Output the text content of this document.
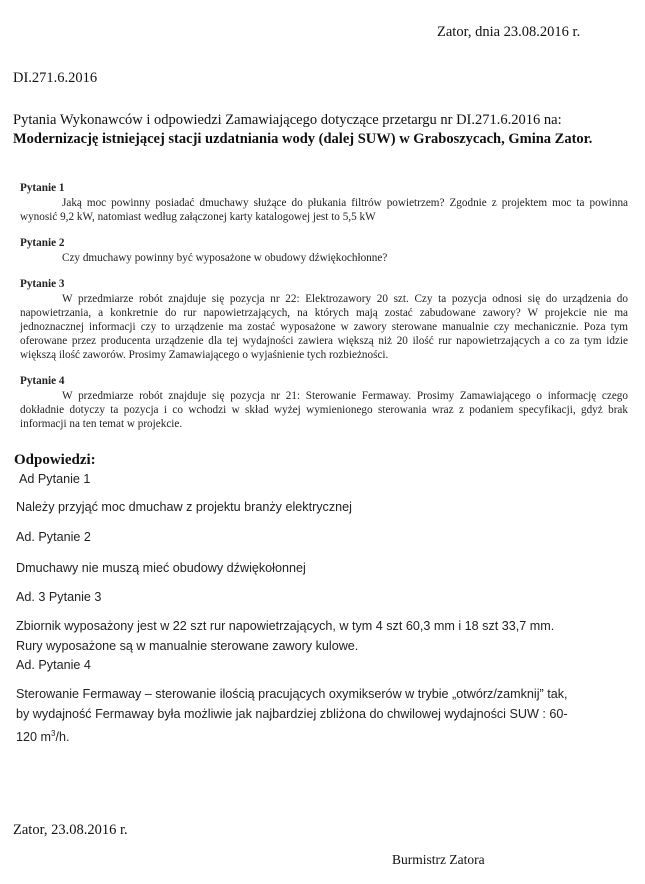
Zator, dnia 23.08.2016 r.
DI.271.6.2016
Pytania Wykonawców i odpowiedzi Zamawiającego dotyczące przetargu nr DI.271.6.2016 na:
Modernizację istniejącej stacji uzdatniania wody (dalej SUW) w Graboszycach, Gmina Zator.
Pytanie 1
Jaką moc powinny posiadać dmuchawy służące do płukania filtrów powietrzem? Zgodnie z projektem moc ta powinna wynosić 9,2 kW, natomiast według załączonej karty katalogowej jest to 5,5 kW
Pytanie 2
Czy dmuchawy powinny być wyposażone w obudowy dźwiękochłonne?
Pytanie 3
W przedmiarze robót znajduje się pozycja nr 22: Elektrozawory 20 szt. Czy ta pozycja odnosi się do urządzenia do napowietrzania, a konkretnie do rur napowietrzających, na których mają zostać zabudowane zawory? W projekcie nie ma jednoznacznej informacji czy to urządzenie ma zostać wyposażone w zawory sterowane manualnie czy mechanicznie. Poza tym oferowane przez producenta urządzenie dla tej wydajności zawiera większą niż 20 ilość rur napowietrzających a co za tym idzie większą ilość zaworów. Prosimy Zamawiającego o wyjaśnienie tych rozbieżności.
Pytanie 4
W przedmiarze robót znajduje się pozycja nr 21: Sterowanie Fermaway. Prosimy Zamawiającego o informację czego dokładnie dotyczy ta pozycja i co wchodzi w skład wyżej wymienionego sterowania wraz z podaniem specyfikacji, gdyż brak informacji na ten temat w projekcie.
Odpowiedzi:
Ad Pytanie 1
Należy przyjąć moc dmuchaw z projektu branży elektrycznej
Ad. Pytanie 2
Dmuchawy nie muszą mieć obudowy dźwiękołonnej
Ad. 3 Pytanie 3
Zbiornik wyposażony jest w 22 szt rur napowietrzających, w tym 4 szt 60,3 mm i 18 szt 33,7 mm.
Rury wyposażone są w manualnie sterowane zawory kulowe.
Ad. Pytanie 4
Sterowanie Fermaway – sterowanie ilością pracujących oxymikserów w trybie „otwórz/zamknij” tak,
by wydajność Fermaway była możliwie jak najbardziej zbliżona do chwilowej wydajności SUW : 60-
120 $m^3/h$.
Zator, 23.08.2016 r.
Burmistrz Zatora
